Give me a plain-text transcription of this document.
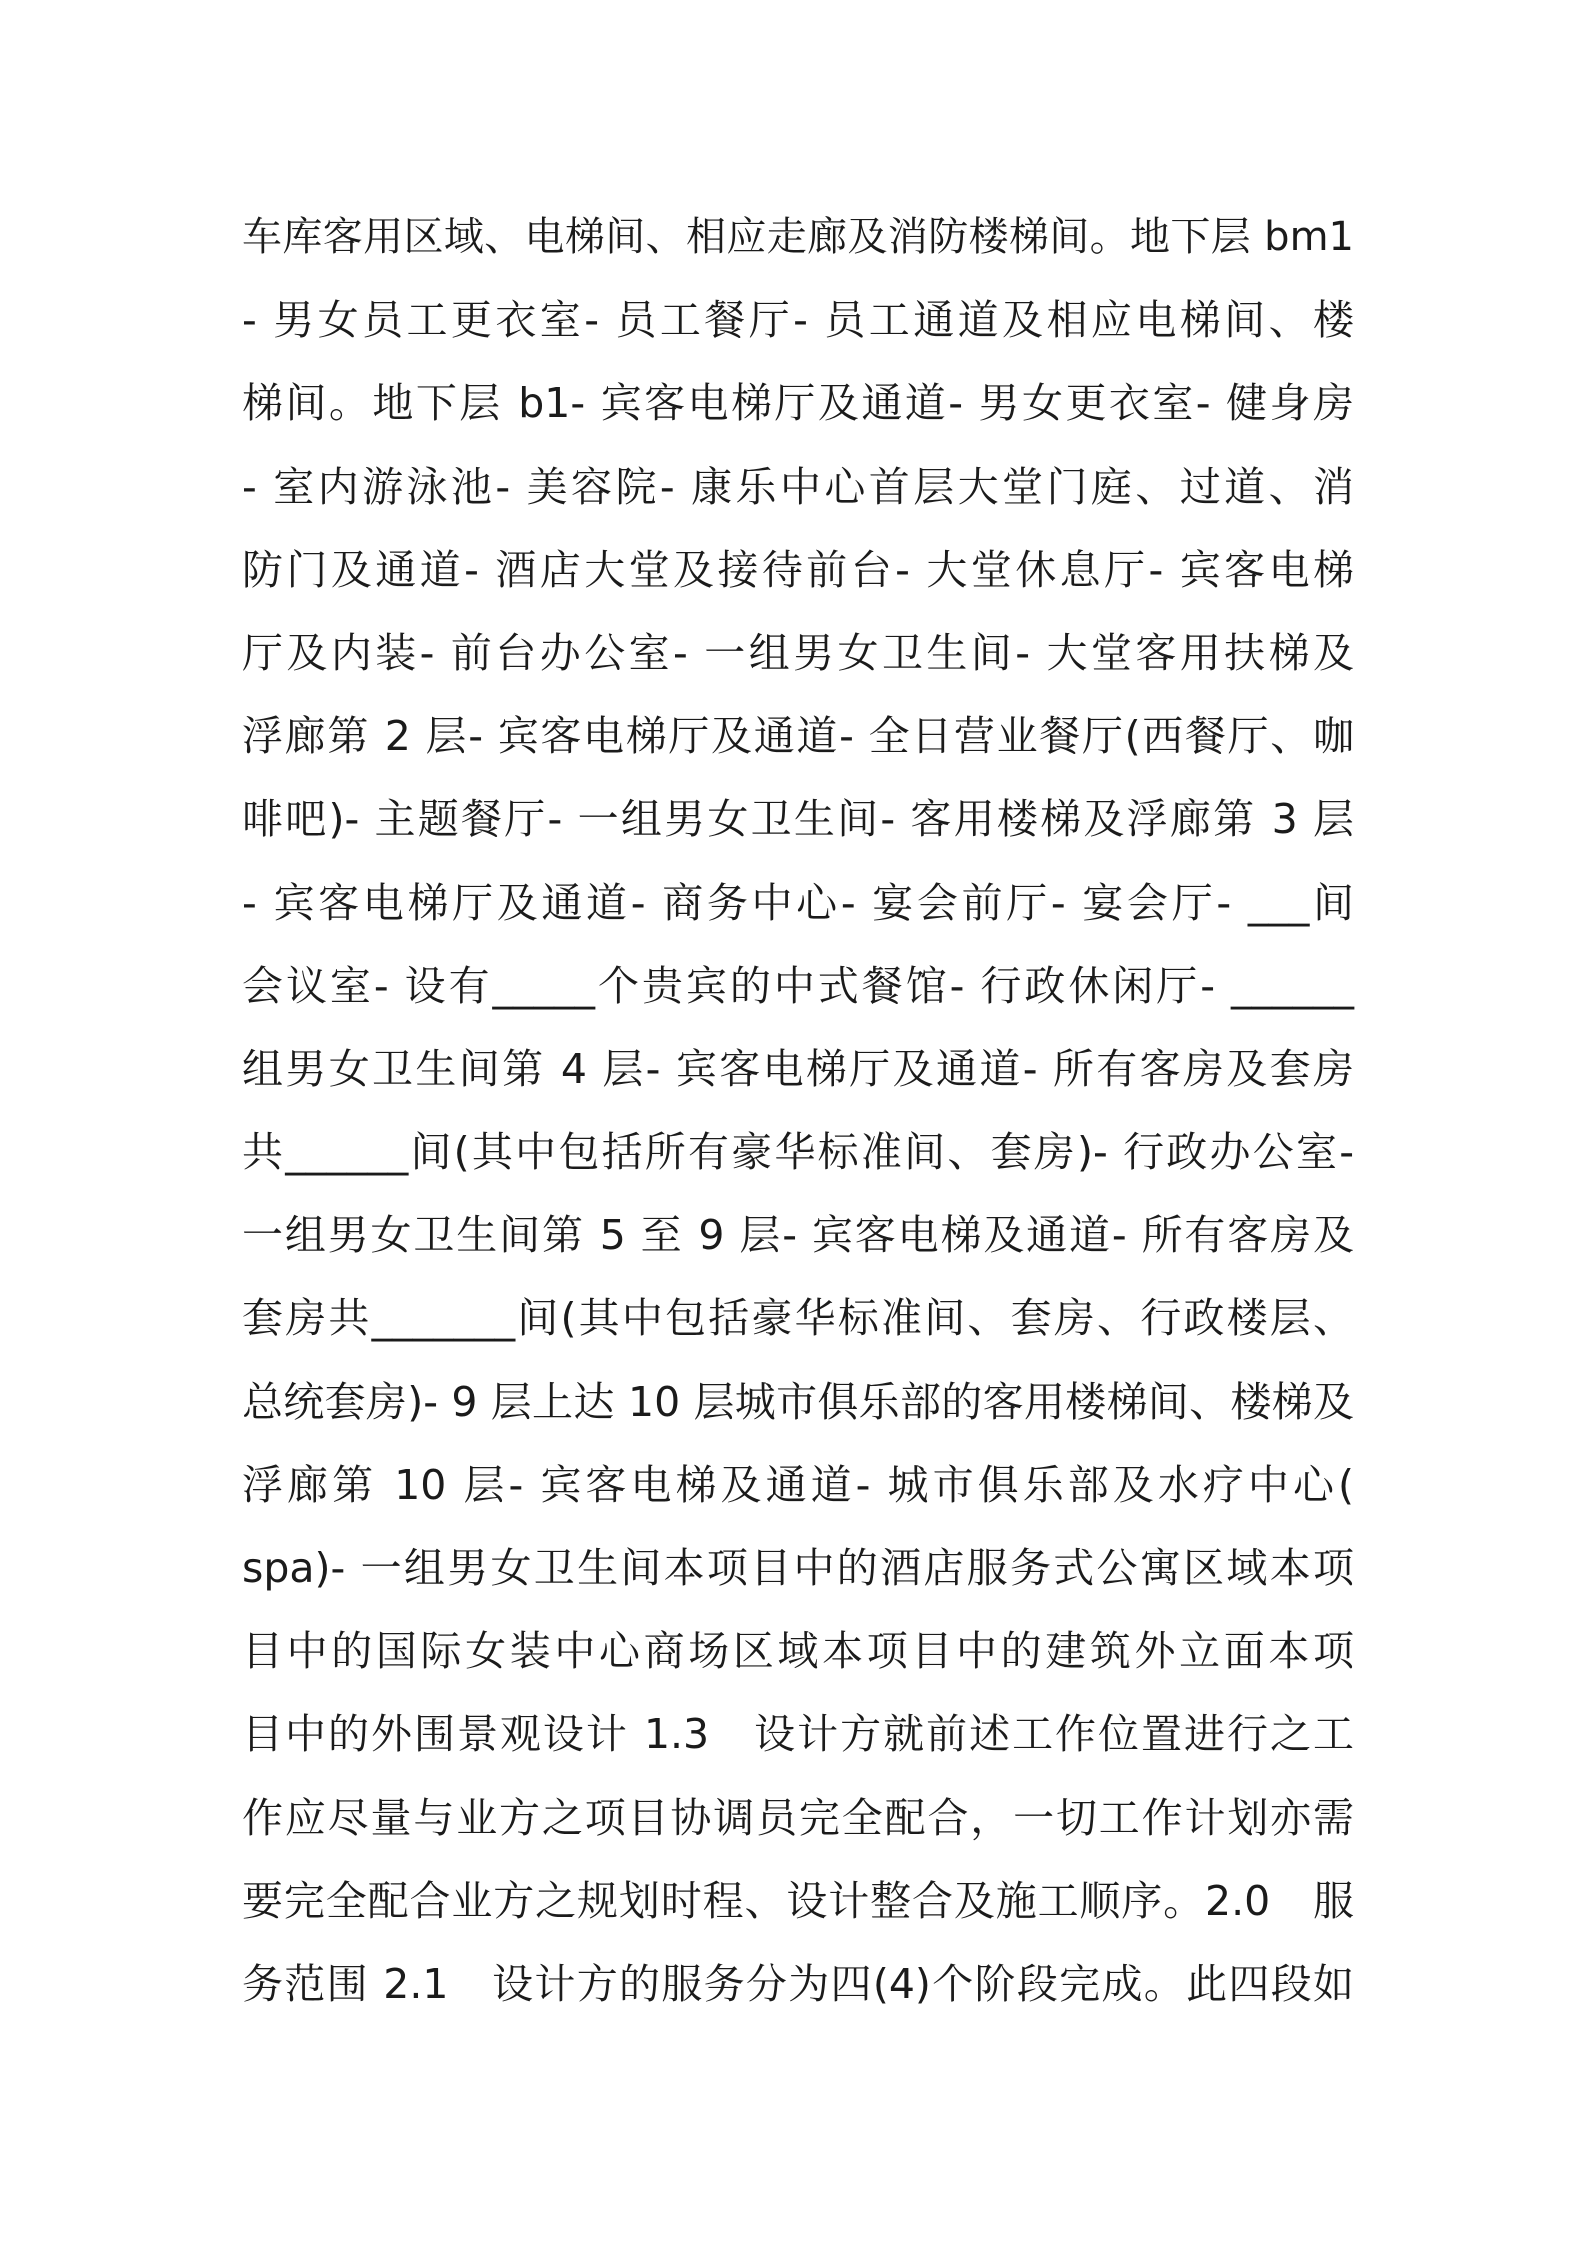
车库客用区域、电梯间、相应走廊及消防楼梯间。地下层 bm1
- 男女员工更衣室- 员工餐厅- 员工通道及相应电梯间、楼
梯间。地下层 b1- 宾客电梯厅及通道- 男女更衣室- 健身房
- 室内游泳池- 美容院- 康乐中心首层大堂门庭、过道、消
防门及通道- 酒店大堂及接待前台- 大堂休息厅- 宾客电梯
厅及内装- 前台办公室- 一组男女卫生间- 大堂客用扶梯及
浮廊第 2 层- 宾客电梯厅及通道- 全日营业餐厅(西餐厅、咖
啡吧)- 主题餐厅- 一组男女卫生间- 客用楼梯及浮廊第 3 层
- 宾客电梯厅及通道- 商务中心- 宴会前厅- 宴会厅- ___间
会议室- 设有_____个贵宾的中式餐馆- 行政休闲厅- ______
组男女卫生间第 4 层- 宾客电梯厅及通道- 所有客房及套房
共______间(其中包括所有豪华标准间、套房)- 行政办公室-
一组男女卫生间第 5 至 9 层- 宾客电梯及通道- 所有客房及
套房共_______间(其中包括豪华标准间、套房、行政楼层、
总统套房)- 9 层上达 10 层城市俱乐部的客用楼梯间、楼梯及
浮廊第 10 层- 宾客电梯及通道- 城市俱乐部及水疗中心(
spa)- 一组男女卫生间本项目中的酒店服务式公寓区域本项
目中的国际女装中心商场区域本项目中的建筑外立面本项
目中的外围景观设计 1.3　设计方就前述工作位置进行之工
作应尽量与业方之项目协调员完全配合，一切工作计划亦需
要完全配合业方之规划时程、设计整合及施工顺序。2.0　服
务范围 2.1　设计方的服务分为四(4)个阶段完成。此四段如
